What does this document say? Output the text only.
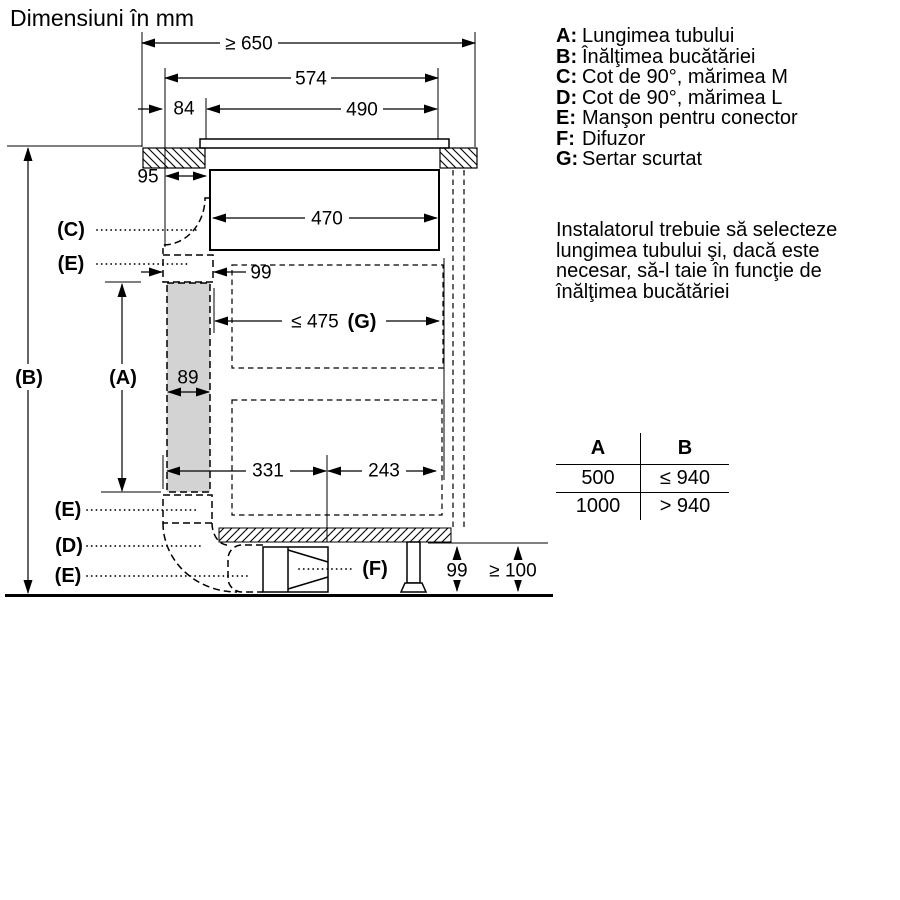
Dimensiuni în mm
≥ 650
574
84	490
95
470
99
≤ 475 (G)
89
331	243
99 ≥ 100
(B)	(A)
(C)
(E)
(E)
(D)
(E)	(F)
A: Lungimea tubului
B: Înălţimea bucătăriei
C: Cot de 90°, mărimea M
D: Cot de 90°, mărimea L
E: Manşon pentru conector
F: Difuzor
G: Sertar scurtat
Instalatorul trebuie să selecteze lungimea tubului şi, dacă este necesar, să-l taie în funcţie de înălţimea bucătăriei
A	B
500	≤ 940
1000	> 940
